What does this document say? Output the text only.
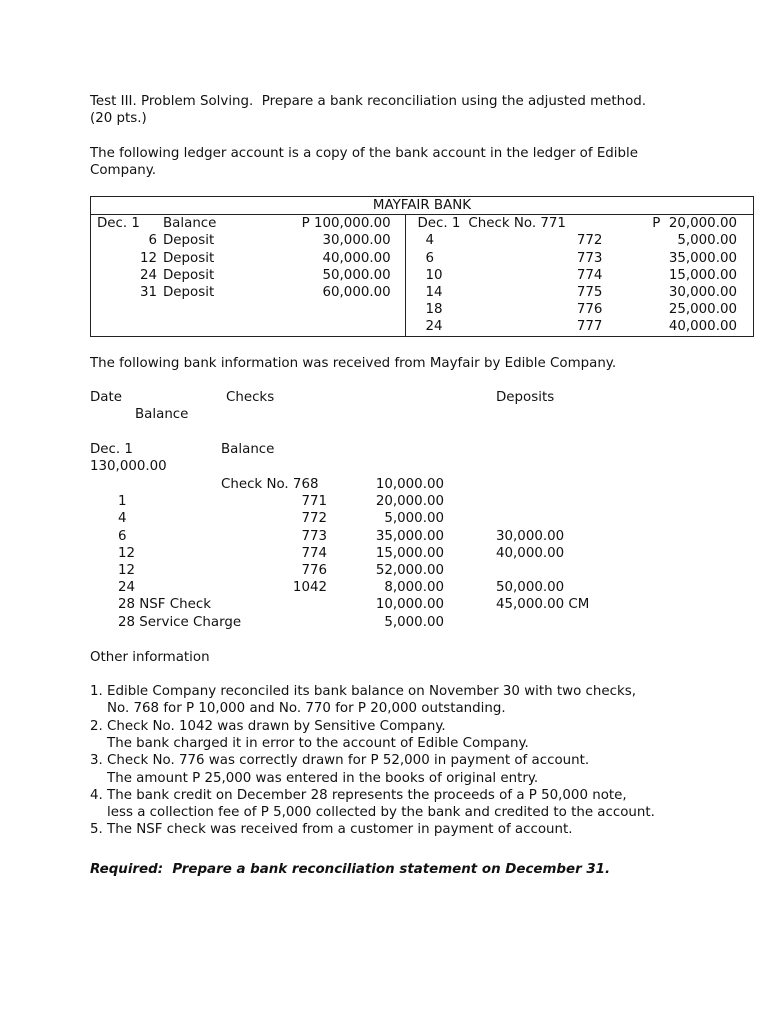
Test III. Problem Solving.  Prepare a bank reconciliation using the adjusted method.
(20 pts.)
The following ledger account is a copy of the bank account in the ledger of Edible
Company.
MAYFAIR BANK								
Dec. 1		Balance	P 100,000.00		Dec. 1	Check No. 771		P  20,000.00
	6	Deposit	30,000.00		4		772	5,000.00
	12	Deposit	40,000.00		6		773	35,000.00
	24	Deposit	50,000.00		10		774	15,000.00
	31	Deposit	60,000.00		14		775	30,000.00
					18		776	25,000.00
					24		777	40,000.00
The following bank information was received from Mayfair by Edible Company.
Date	Checks	Deposits
Balance
Dec. 1	Balance
130,000.00
Check No. 768	10,000.00
1	771	20,000.00
4	772	5,000.00
6	773	35,000.00	30,000.00
12	774	15,000.00	40,000.00
12	776	52,000.00
24	1042	8,000.00	50,000.00
28 NSF Check	10,000.00	45,000.00 CM
28 Service Charge	5,000.00
Other information
1. Edible Company reconciled its bank balance on November 30 with two checks,
No. 768 for P 10,000 and No. 770 for P 20,000 outstanding.
2. Check No. 1042 was drawn by Sensitive Company.
The bank charged it in error to the account of Edible Company.
3. Check No. 776 was correctly drawn for P 52,000 in payment of account.
The amount P 25,000 was entered in the books of original entry.
4. The bank credit on December 28 represents the proceeds of a P 50,000 note,
less a collection fee of P 5,000 collected by the bank and credited to the account.
5. The NSF check was received from a customer in payment of account.
Required:  Prepare a bank reconciliation statement on December 31.
